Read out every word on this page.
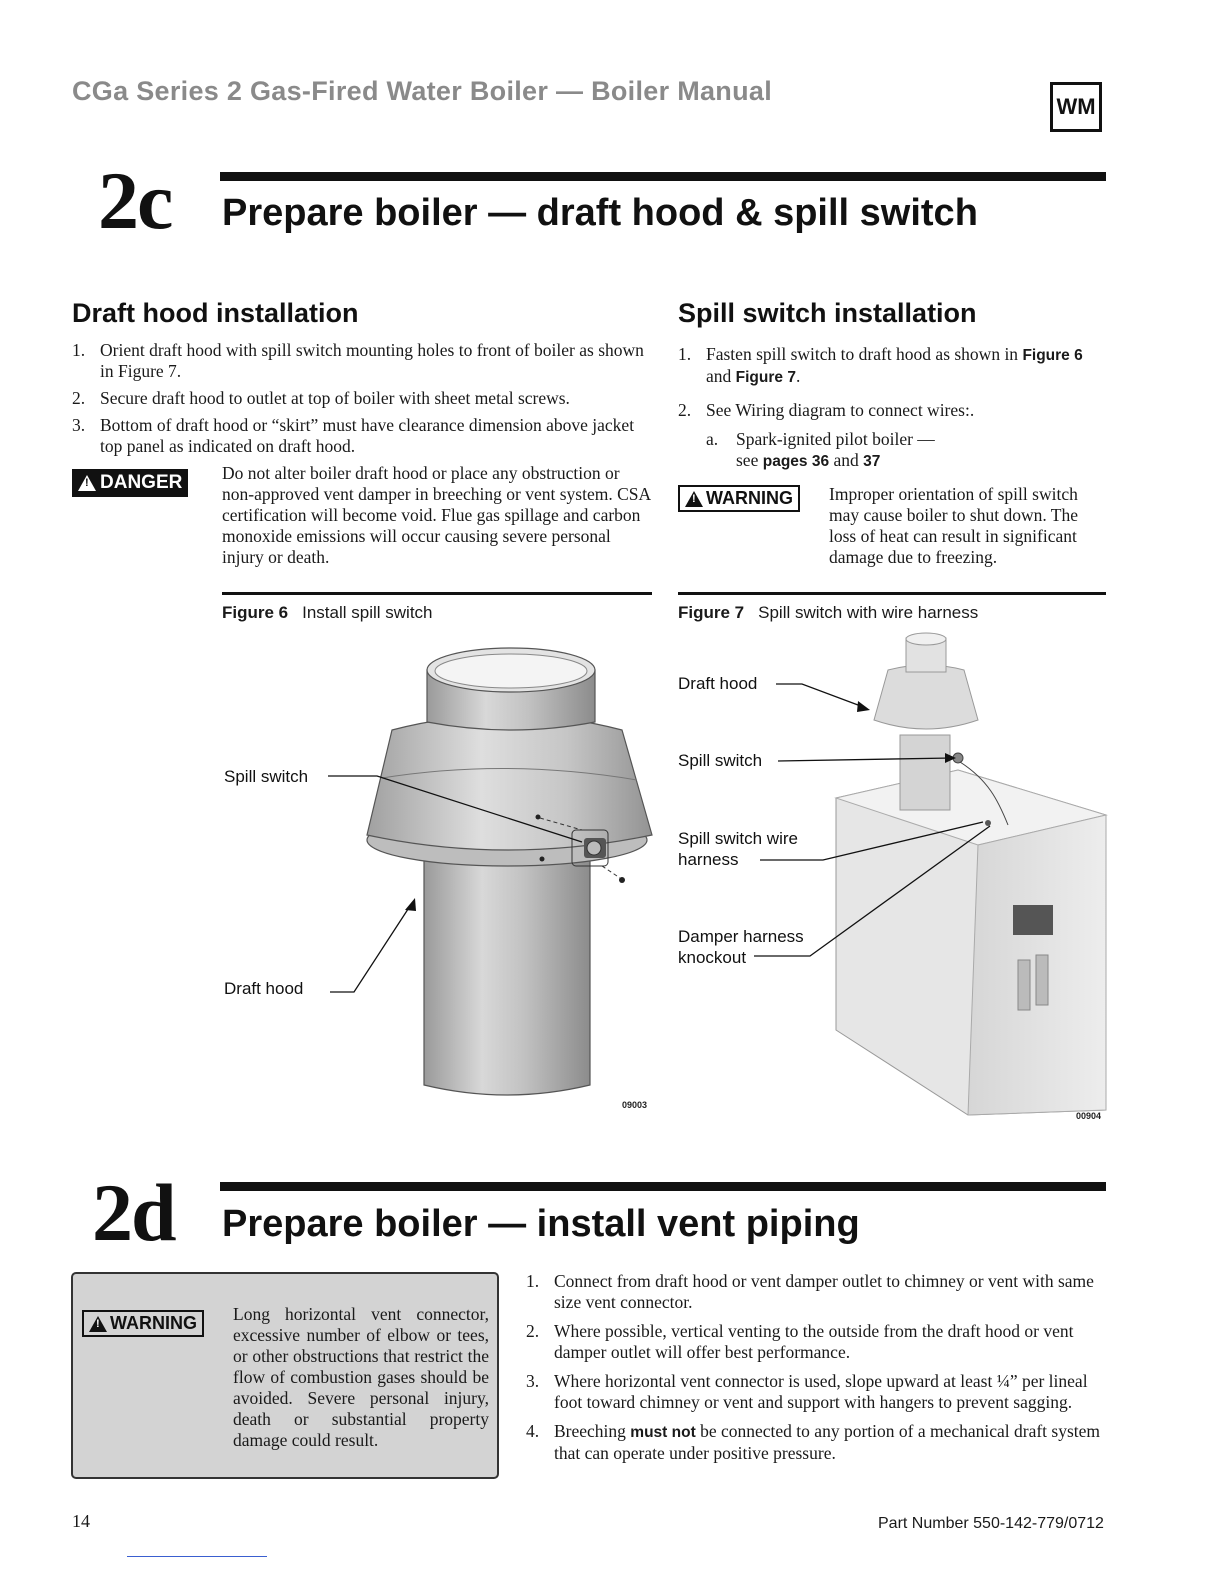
CGa Series 2 Gas-Fired Water Boiler — Boiler Manual
WM
2c Prepare boiler — draft hood & spill switch
Draft hood installation
1. Orient draft hood with spill switch mounting holes to front of boiler as shown in Figure 7.
2. Secure draft hood to outlet at top of boiler with sheet metal screws.
3. Bottom of draft hood or “skirt” must have clearance dimension above jacket top panel as indicated on draft hood.
! DANGER Do not alter boiler draft hood or place any obstruction or non-approved vent damper in breeching or vent system. CSA certification will become void. Flue gas spillage and carbon monoxide emissions will occur causing severe personal injury or death.
Spill switch installation
1. Fasten spill switch to draft hood as shown in Figure 6 and Figure 7.
2. See Wiring diagram to connect wires:.
a. Spark-ignited pilot boiler —
see pages 36 and 37
! WARNING Improper orientation of spill switch may cause boiler to shut down. The loss of heat can result in significant damage due to freezing.
Figure 6 Install spill switch
Spill switch
Draft hood
09003
Figure 7 Spill switch with wire harness
Draft hood
Spill switch
Spill switch wire
harness
Damper harness
knockout
00904
2d Prepare boiler — install vent piping
! WARNING Long horizontal vent connector, excessive number of elbow or tees, or other obstructions that restrict the flow of combustion gases should be avoided. Severe personal injury, death or substantial property damage could result.
1. Connect from draft hood or vent damper outlet to chimney or vent with same size vent connector.
2. Where possible, vertical venting to the outside from the draft hood or vent damper outlet will offer best performance.
3. Where horizontal vent connector is used, slope upward at least ¼” per lineal foot toward chimney or vent and support with hangers to prevent sagging.
4. Breeching must not be connected to any portion of a mechanical draft system that can operate under positive pressure.
14	Part Number 550-142-779/0712
